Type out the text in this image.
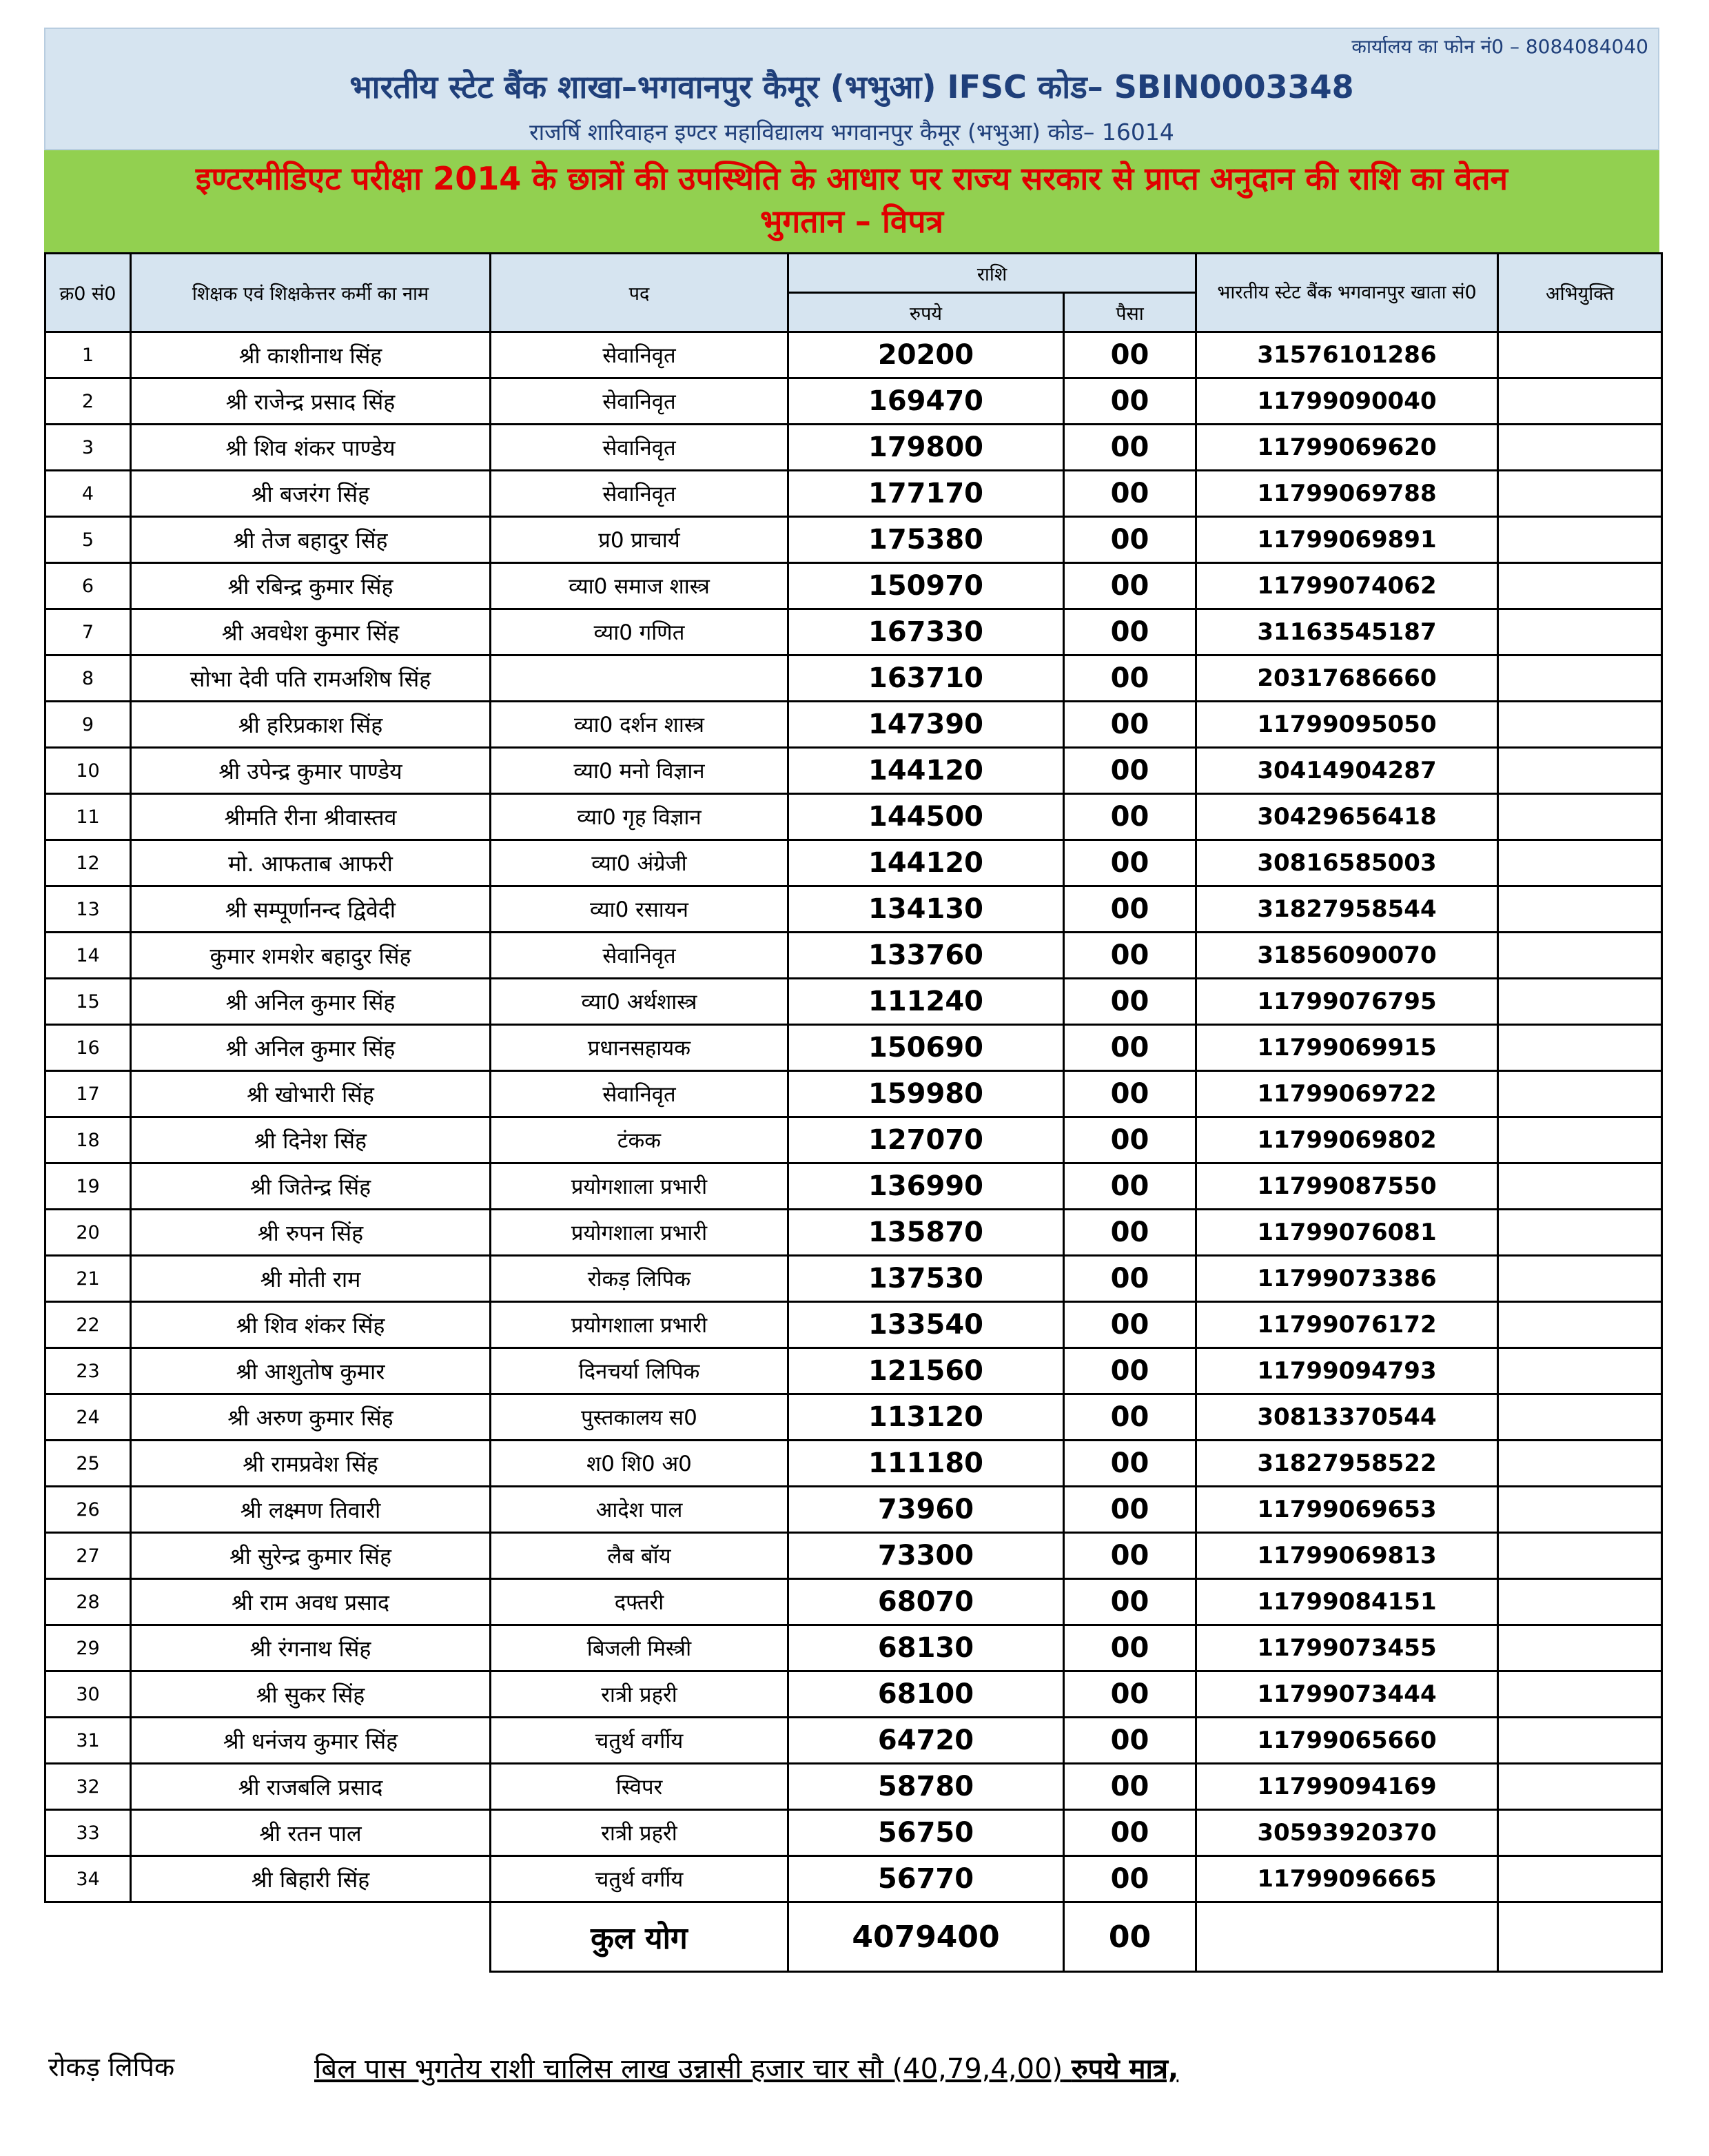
कार्यालय का फोन नं0 – 8084084040
भारतीय स्टेट बैंक शाखा–भगवानपुर कैमूर (भभुआ) IFSC कोड– SBIN0003348
राजर्षि शारिवाहन इण्टर महाविद्यालय भगवानपुर कैमूर (भभुआ) कोड– 16014
इण्टरमीडिएट परीक्षा 2014 के छात्रों की उपस्थिति के आधार पर राज्य सरकार से प्राप्त अनुदान की राशि का वेतन
भुगतान – विपत्र
क्र0 सं0	शिक्षक एवं शिक्षकेत्तर कर्मी का नाम	पद	राशि		भारतीय स्टेट बैंक भगवानपुर खाता सं0	अभियुक्ति
			रुपये	पैसा		
1	श्री काशीनाथ सिंह	सेवानिवृत	20200	00	31576101286	
2	श्री राजेन्द्र प्रसाद सिंह	सेवानिवृत	169470	00	11799090040	
3	श्री शिव शंकर पाण्डेय	सेवानिवृत	179800	00	11799069620	
4	श्री बजरंग सिंह	सेवानिवृत	177170	00	11799069788	
5	श्री तेज बहादुर सिंह	प्र0 प्राचार्य	175380	00	11799069891	
6	श्री रबिन्द्र कुमार सिंह	व्या0 समाज शास्त्र	150970	00	11799074062	
7	श्री अवधेश कुमार सिंह	व्या0 गणित	167330	00	31163545187	
8	सोभा देवी पति रामअशिष सिंह		163710	00	20317686660	
9	श्री हरिप्रकाश सिंह	व्या0 दर्शन शास्त्र	147390	00	11799095050	
10	श्री उपेन्द्र कुमार पाण्डेय	व्या0 मनो विज्ञान	144120	00	30414904287	
11	श्रीमति रीना श्रीवास्तव	व्या0 गृह विज्ञान	144500	00	30429656418	
12	मो. आफताब आफरी	व्या0 अंग्रेजी	144120	00	30816585003	
13	श्री सम्पूर्णानन्द द्विवेदी	व्या0 रसायन	134130	00	31827958544	
14	कुमार शमशेर बहादुर सिंह	सेवानिवृत	133760	00	31856090070	
15	श्री अनिल कुमार सिंह	व्या0 अर्थशास्त्र	111240	00	11799076795	
16	श्री अनिल कुमार सिंह	प्रधानसहायक	150690	00	11799069915	
17	श्री खोभारी सिंह	सेवानिवृत	159980	00	11799069722	
18	श्री दिनेश सिंह	टंकक	127070	00	11799069802	
19	श्री जितेन्द्र सिंह	प्रयोगशाला प्रभारी	136990	00	11799087550	
20	श्री रुपन सिंह	प्रयोगशाला प्रभारी	135870	00	11799076081	
21	श्री मोती राम	रोकड़ लिपिक	137530	00	11799073386	
22	श्री शिव शंकर सिंह	प्रयोगशाला प्रभारी	133540	00	11799076172	
23	श्री आशुतोष कुमार	दिनचर्या लिपिक	121560	00	11799094793	
24	श्री अरुण कुमार सिंह	पुस्तकालय स0	113120	00	30813370544	
25	श्री रामप्रवेश सिंह	श0 शि0 अ0	111180	00	31827958522	
26	श्री लक्ष्मण तिवारी	आदेश पाल	73960	00	11799069653	
27	श्री सुरेन्द्र कुमार सिंह	लैब बॉय	73300	00	11799069813	
28	श्री राम अवध प्रसाद	दफ्तरी	68070	00	11799084151	
29	श्री रंगनाथ सिंह	बिजली मिस्त्री	68130	00	11799073455	
30	श्री सुकर सिंह	रात्री प्रहरी	68100	00	11799073444	
31	श्री धनंजय कुमार सिंह	चतुर्थ वर्गीय	64720	00	11799065660	
32	श्री राजबलि प्रसाद	स्विपर	58780	00	11799094169	
33	श्री रतन पाल	रात्री प्रहरी	56750	00	30593920370	
34	श्री बिहारी सिंह	चतुर्थ वर्गीय	56770	00	11799096665	
		कुल योग	4079400	00		
रोकड़ लिपिक	बिल पास भुगतेय राशी चालिस लाख उन्नासी हजार चार सौ (40,79,4,00) रुपये मात्र,
